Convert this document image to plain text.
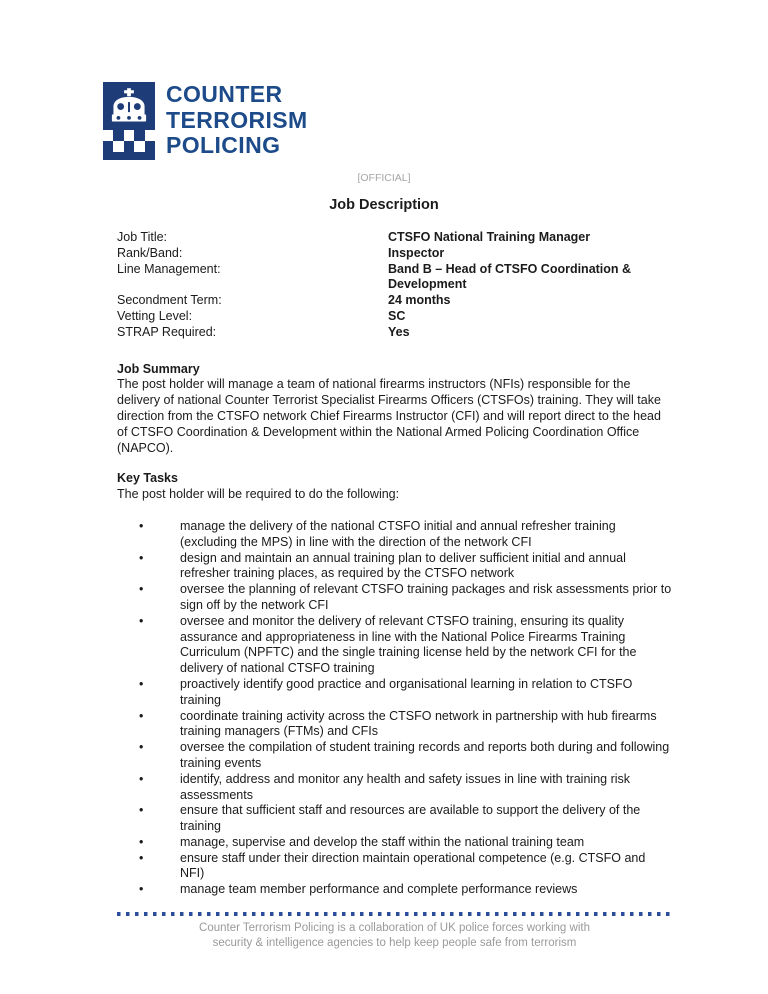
COUNTER
TERRORISM
POLICING
[OFFICIAL]
Job Description
Job Title:	CTSFO National Training Manager
Rank/Band:	Inspector
Line Management:	Band B – Head of CTSFO Coordination & Development
Secondment Term:	24 months
Vetting Level:	SC
STRAP Required:	Yes
Job Summary

The post holder will manage a team of national firearms instructors (NFIs) responsible for the delivery of national Counter Terrorist Specialist Firearms Officers (CTSFOs) training. They will take direction from the CTSFO network Chief Firearms Instructor (CFI) and will report direct to the head of CTSFO Coordination & Development within the National Armed Policing Coordination Office (NAPCO).

Key Tasks

The post holder will be required to do the following:

•
manage the delivery of the national CTSFO initial and annual refresher training (excluding the MPS) in line with the direction of the network CFI
•
design and maintain an annual training plan to deliver sufficient initial and annual refresher training places, as required by the CTSFO network
•
oversee the planning of relevant CTSFO training packages and risk assessments prior to sign off by the network CFI
•
oversee and monitor the delivery of relevant CTSFO training, ensuring its quality assurance and appropriateness in line with the National Police Firearms Training Curriculum (NPFTC) and the single training license held by the network CFI for the delivery of national CTSFO training
•
proactively identify good practice and organisational learning in relation to CTSFO training
•
coordinate training activity across the CTSFO network in partnership with hub firearms training managers (FTMs) and CFIs
•
oversee the compilation of student training records and reports both during and following training events
•
identify, address and monitor any health and safety issues in line with training risk assessments
•
ensure that sufficient staff and resources are available to support the delivery of the training
•
manage, supervise and develop the staff within the national training team
•
ensure staff under their direction maintain operational competence (e.g. CTSFO and NFI)
•
manage team member performance and complete performance reviews
Counter Terrorism Policing is a collaboration of UK police forces working with
security & intelligence agencies to help keep people safe from terrorism
